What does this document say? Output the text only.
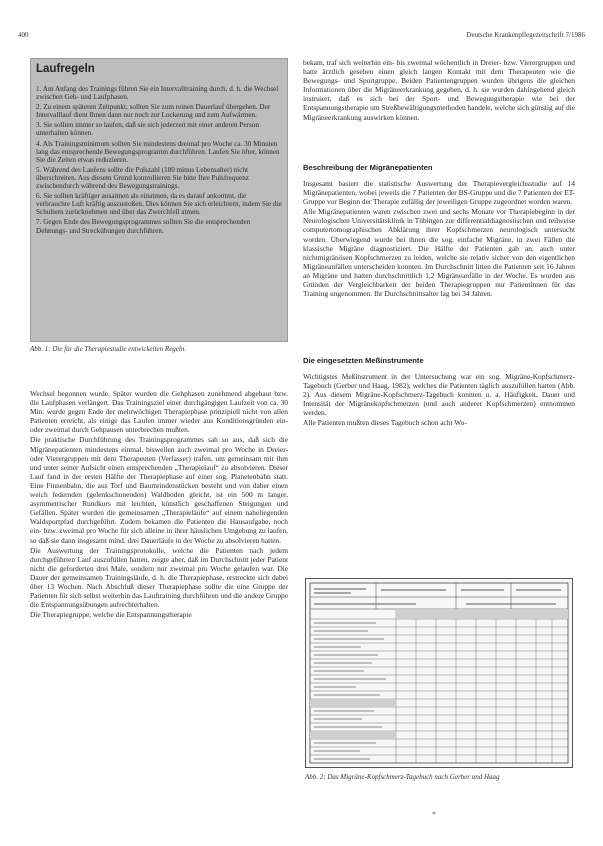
400	Deutsche Krankenpflegezeitschrift 7/1986
Laufregeln

1. Am Anfang des Trainings führen Sie ein Intervalltraining durch, d. h. die Wechsel zwischen Geh- und Laufphasen.

2. Zu einem späteren Zeitpunkt, sollten Sie zum reinen Dauerlauf übergehen. Der Intervalllauf dient Ihnen dann nur noch zur Lockerung und zum Aufwärmen.

3. Sie sollten immer so laufen, daß sie sich jederzeit mit einer anderen Person unterhalten können.

4. Als Trainingsminimum sollten Sie mindestens dreimal pro Woche ca. 30 Minuten lang das entsprechende Bewegungsprogramm durchführen. Laufen Sie öfter, können Sie die Zeiten etwas reduzieren.

5. Während des Laufens sollte die Pulszahl (180 minus Lebensalter) nicht überschreiten. Aus diesem Grund kontrollieren Sie bitte Ihre Pulsfrequenz zwischendurch während des Bewegungstrainings.

6. Sie sollten kräftiger ausatmen als einatmen, da es darauf ankommt, die verbrauchte Luft kräftig auszustoßen. Dies können Sie sich erleichtern, indem Sie die Schultern zurücknehmen und über das Zwerchfell atmen.

7. Gegen Ende des Bewegungsprogrammes sollten Sie die entsprechenden Dehnungs- und Streckübungen durchführen.

Abb. 1: Die für die Therapiestudie entwickelten Regeln.

Wechsel begonnen wurde. Später wurden die Gehphasen zunehmend abgebaut bzw. die Laufphasen verlängert. Das Trainingsziel einer durchgängigen Laufzeit von ca. 30 Min. wurde gegen Ende der mehrwöchigen Therapiephase prinzipiell nicht von allen Patienten erreicht, als einige das Laufen immer wieder aus Konditionsgründen ein- oder zweimal durch Gehpausen unterbrechen mußten.

Die praktische Durchführung des Trainingsprogrammes sah so aus, daß sich die Migränepatienten mindestens einmal, bisweilen auch zweimal pro Woche in Dreier- oder Vierergruppen mit dem Therapeuten (Verfasser) trafen, um gemeinsam mit ihm und unter seiner Aufsicht einen entsprechenden „Therapielauf“ zu absolvieren. Dieser Lauf fand in der ersten Hälfte der Therapiephase auf einer sog. Planetenbahn statt. Eine Finnenbahn, die aus Torf und Baumrindenstücken besteht und von daher einen weich federnden (gelenkschonenden) Waldboden gleicht, ist ein 500 m langer, asymmetrischer Rundkurs mit leichten, künstlich geschaffenen Steigungen und Gefällen. Später wurden die gemeinsamen „Therapieläufe“ auf einem naheliegenden Waldsportpfad durchgeführt. Zudem bekamen die Patienten die Hausaufgabe, noch ein- bzw. zweimal pro Woche für sich alleine in ihrer häuslichen Umgebung zu laufen, so daß sie dann insgesamt mind. drei Dauerläufe in der Woche zu absolvieren hatten.

Die Auswertung der Trainingsprotokolle, welche die Patienten nach jedem durchgeführten Lauf auszufüllen hatten, zeigte aber, daß im Durchschnitt jeder Patient nicht die geforderten drei Male, sondern nur zweimal pro Woche gelaufen war. Die Dauer der gemeinsamen Trainingsläufe, d. h. die Therapiephase, erstreckte sich dabei über 13 Wochen. Nach Abschluß dieser Therapiephase sollte die eine Gruppe der Patienten für sich selbst weiterhin das Lauftraining durchführen und die andere Gruppe die Entspannungsübungen aufrechterhalten.

Die Therapiegruppe, welche die Entspannungstherapie

bekam, traf sich weiterhin ein- bis zweimal wöchentlich in Dreier- bzw. Vierergruppen und hatte ärztlich gesehen einen gleich langen Kontakt mit dem Therapeuten wie die Bewegungs- und Sportgruppe. Beiden Patientengruppen wurden übrigens die gleichen Informationen über die Migräneerkrankung gegeben, d. h. sie wurden dahingehend gleich instruiert, daß es sich bei der Sport- und Bewegungstherapie wie bei der Entspannungstherapie um Streßbewältigungsmethoden handele, welche sich günstig auf die Migräneerkrankung auswirken können.

Beschreibung der Migränepatienten

Insgesamt basiert die statistische Auswertung der Therapievergleichsstudie auf 14 Migränepatienten, wobei jeweils die 7 Patienten der BS-Gruppe und die 7 Patienten der ET-Gruppe vor Beginn der Therapie zufällig der jeweiligen Gruppe zugeordnet worden waren.

Alle Migränepatienten waren zwischen zwei und sechs Monate vor Therapiebeginn in der Neurologischen Universitätsklinik in Tübingen zur differentialdiagnostischen und teilweise computertomographischen Abklärung ihrer Kopfschmerzen neurologisch untersucht worden. Überwiegend wurde bei ihnen die sog. einfache Migräne, in zwei Fällen die klassische Migräne diagnostiziert. Die Hälfte der Patienten gab an, auch unter nichtmigränösen Kopfschmerzen zu leiden, welche sie relativ sicher von den eigentlichen Migräneanfällen unterscheiden konnten. Im Durchschnitt litten die Patienten seit 16 Jahren an Migräne und hatten durchschnittlich 1,2 Migräneanfälle in der Woche. Es wurden aus Gründen der Vergleichbarkeit der beiden Therapiegruppen nur Patientinnen für das Training ungenommen. Ihr Durchschnittsalter lag bei 34 Jahren.

Die eingesetzten Meßinstrumente

Wichtigstes Meßinstrument in der Untersuchung war ein sog. Migräne-Kopfschmerz-Tagebuch (Gerber und Haag, 1982), welches die Patienten täglich auszufüllen hatten (Abb. 2). Aus diesem Migräne-Kopfschmerz-Tagebuch konnten u. a. Häufigkeit, Dauer und Intensität der Migränekopfschmerzen (und auch anderer Kopfschmerzen) entnommen werden.

Alle Patienten mußten dieses Tagebuch schon acht Wo-

Abb. 2: Das Migräne-Kopfschmerz-Tagebuch nach Gerber und Haag
*
